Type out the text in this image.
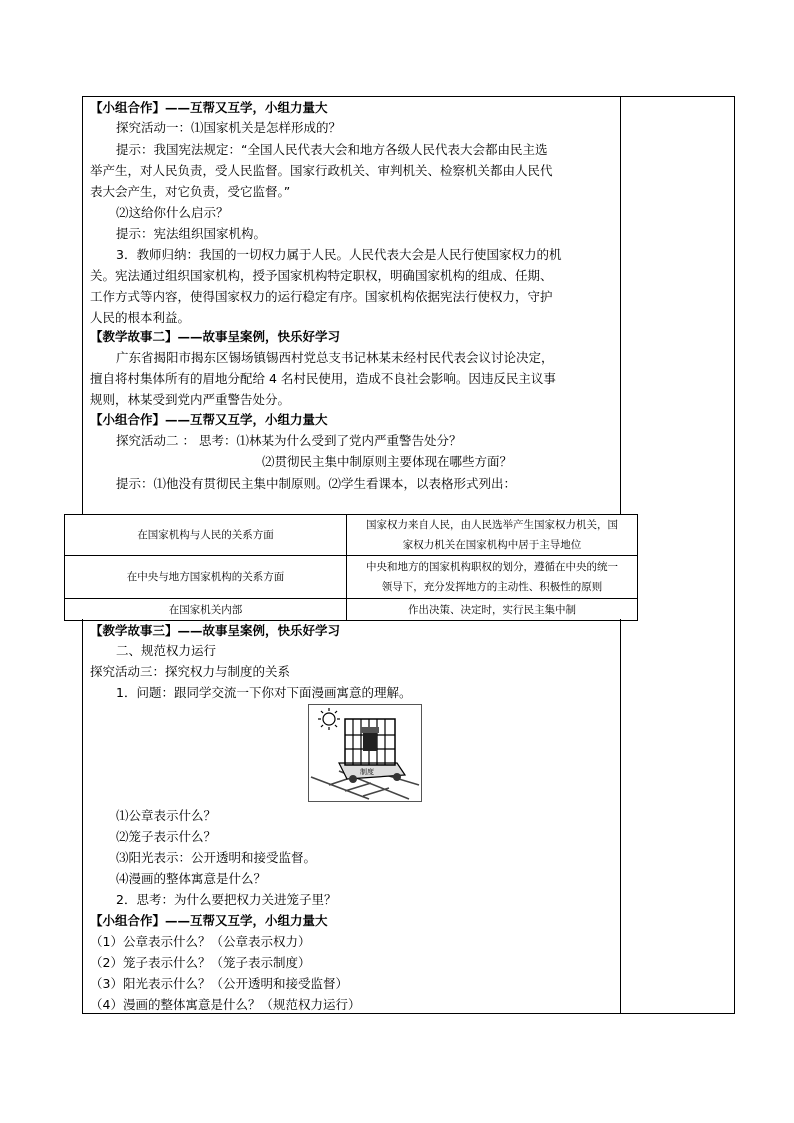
【小组合作】——互帮又互学，小组力量大
探究活动一：⑴国家机关是怎样形成的？
提示：我国宪法规定：“全国人民代表大会和地方各级人民代表大会都由民主选
举产生，对人民负责，受人民监督。国家行政机关、审判机关、检察机关都由人民代
表大会产生，对它负责，受它监督。”
⑵这给你什么启示？
提示：宪法组织国家机构。
3．教师归纳：我国的一切权力属于人民。人民代表大会是人民行使国家权力的机
关。宪法通过组织国家机构，授予国家机构特定职权，明确国家机构的组成、任期、
工作方式等内容，使得国家权力的运行稳定有序。国家机构依据宪法行使权力，守护
人民的根本利益。
【教学故事二】——故事呈案例，快乐好学习
广东省揭阳市揭东区锡场镇锡西村党总支书记林某未经村民代表会议讨论决定，
擅自将村集体所有的眉地分配给 4 名村民使用，造成不良社会影响。因违反民主议事
规则，林某受到党内严重警告处分。
【小组合作】——互帮又互学，小组力量大
探究活动二 ： 思考：⑴林某为什么受到了党内严重警告处分？
⑵贯彻民主集中制原则主要体现在哪些方面？
提示：⑴他没有贯彻民主集中制原则。⑵学生看课本，以表格形式列出：
【教学故事三】——故事呈案例，快乐好学习
二、规范权力运行
探究活动三：探究权力与制度的关系
1．问题：跟同学交流一下你对下面漫画寓意的理解。
⑴公章表示什么？
⑵笼子表示什么？
⑶阳光表示：公开透明和接受监督。
⑷漫画的整体寓意是什么？
2．思考：为什么要把权力关进笼子里？
【小组合作】——互帮又互学，小组力量大
（1）公章表示什么？（公章表示权力）
（2）笼子表示什么？（笼子表示制度）
（3）阳光表示什么？（公开透明和接受监督）
（4）漫画的整体寓意是什么？（规范权力运行）
在国家机构与人民的关系方面	国家权力来自人民，由人民选举产生国家权力机关，国
家权力机关在国家机构中居于主导地位

在中央与地方国家机构的关系方面	中央和地方的国家机构职权的划分，遵循在中央的统一
领导下，充分发挥地方的主动性、积极性的原则

在国家机关内部	作出决策、决定时，实行民主集中制
制度
